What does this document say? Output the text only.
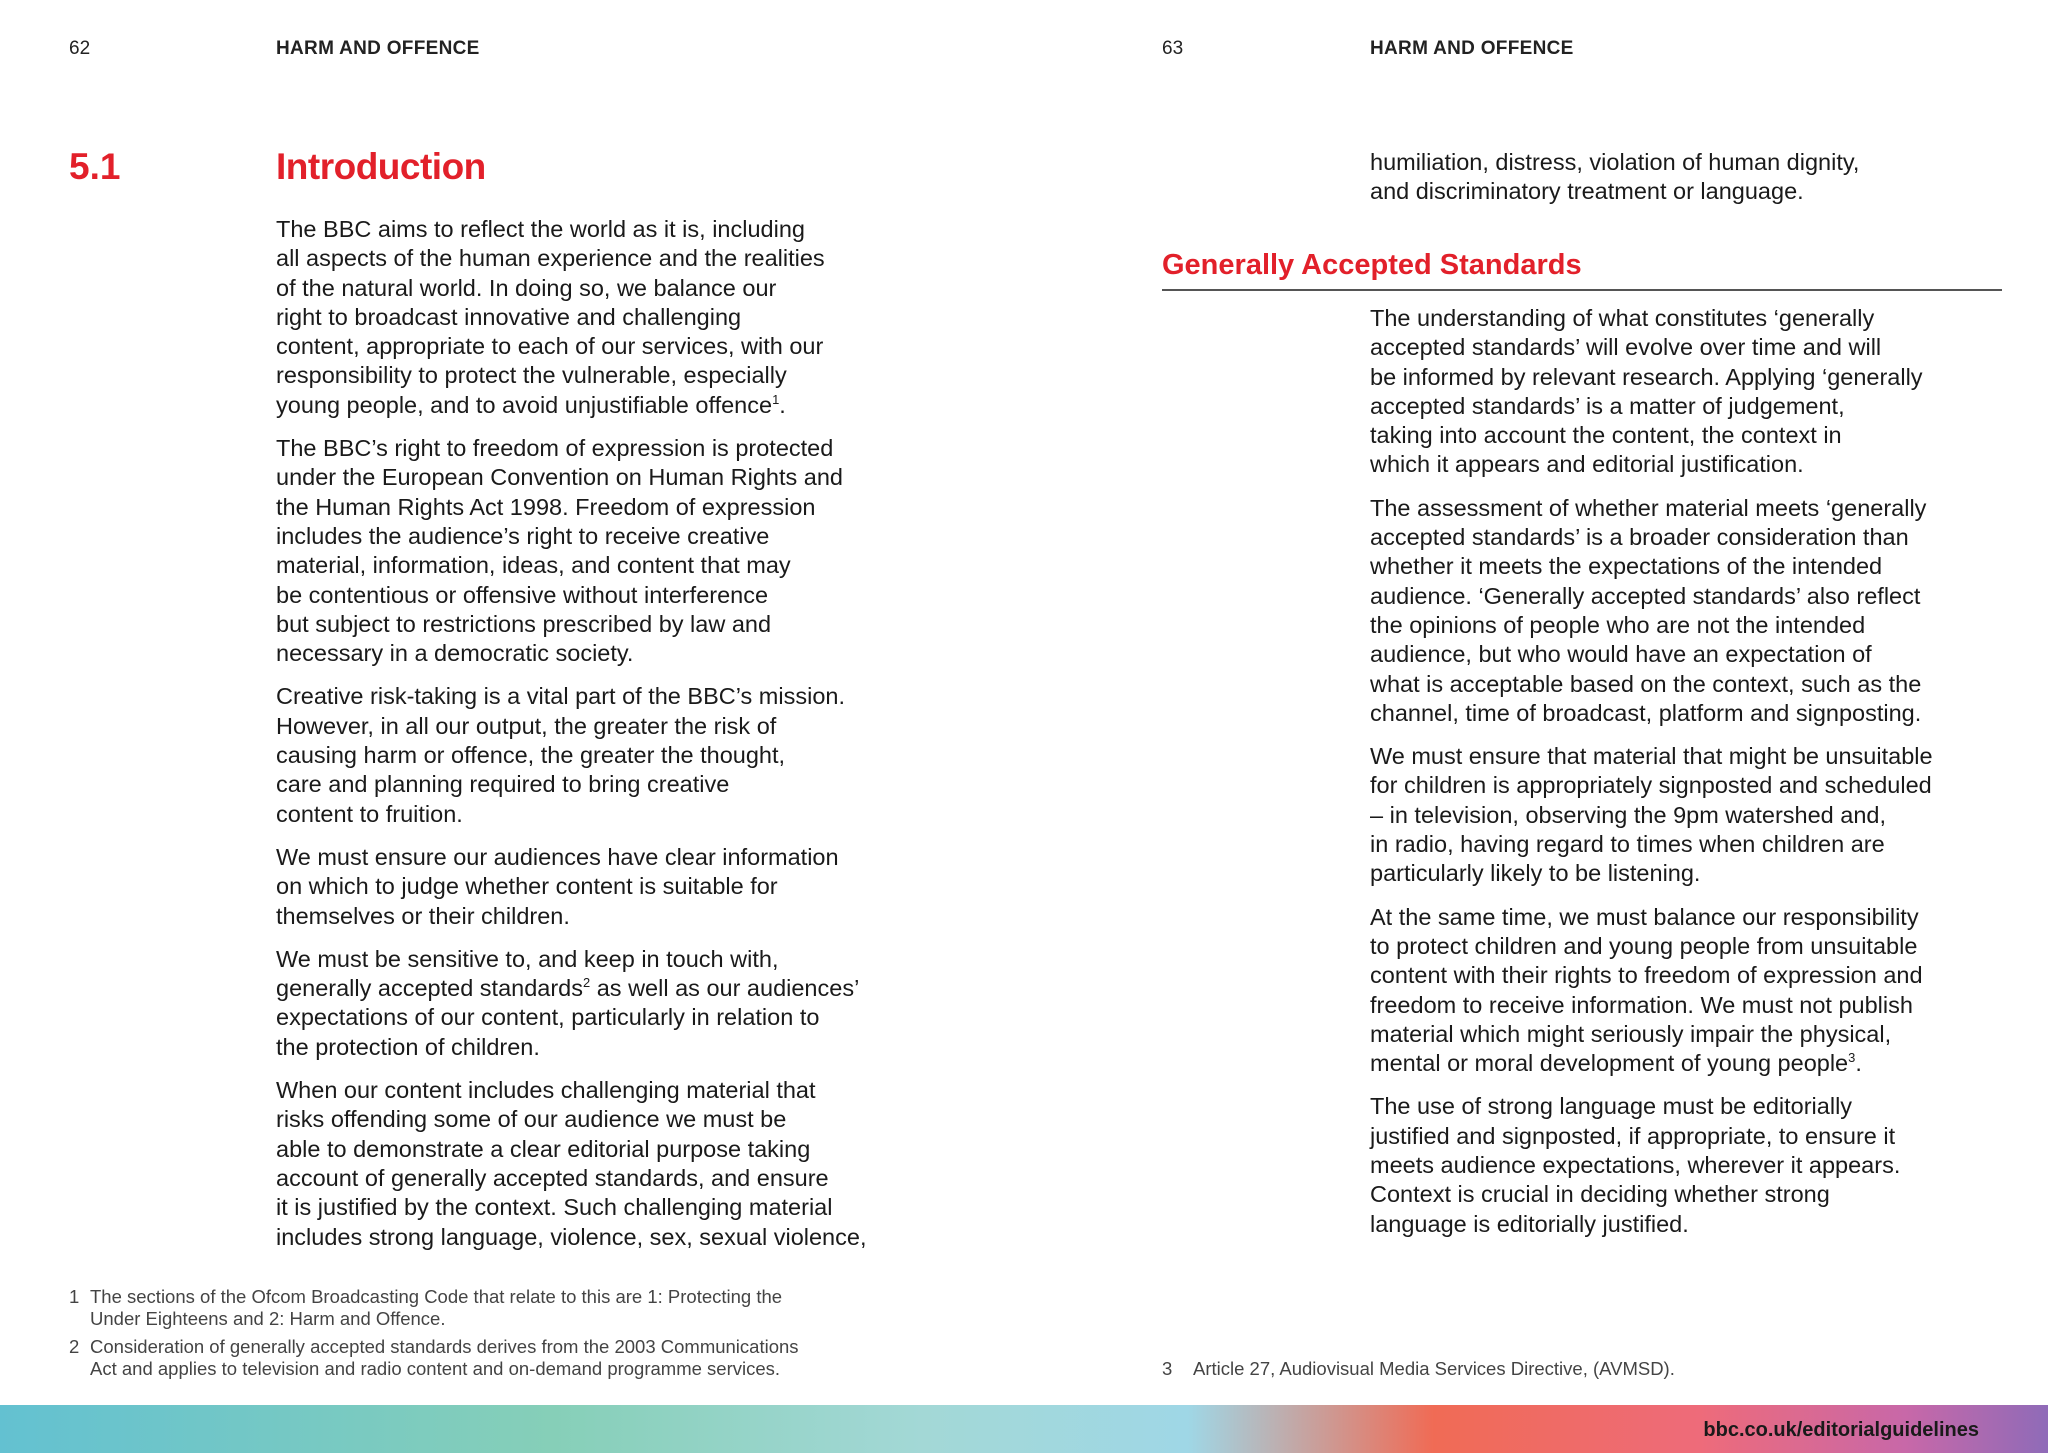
62	HARM AND OFFENCE
5.1	Introduction

The BBC aims to reflect the world as it is, including
all aspects of the human experience and the realities
of the natural world. In doing so, we balance our
right to broadcast innovative and challenging
content, appropriate to each of our services, with our
responsibility to protect the vulnerable, especially
young people, and to avoid unjustifiable offence$^1$.

The BBC’s right to freedom of expression is protected
under the European Convention on Human Rights and
the Human Rights Act 1998. Freedom of expression
includes the audience’s right to receive creative
material, information, ideas, and content that may
be contentious or offensive without interference
but subject to restrictions prescribed by law and
necessary in a democratic society.

Creative risk-taking is a vital part of the BBC’s mission.
However, in all our output, the greater the risk of
causing harm or offence, the greater the thought,
care and planning required to bring creative
content to fruition.

We must ensure our audiences have clear information
on which to judge whether content is suitable for
themselves or their children.

We must be sensitive to, and keep in touch with,
generally accepted standards$^2$ as well as our audiences’
expectations of our content, particularly in relation to
the protection of children.

When our content includes challenging material that
risks offending some of our audience we must be
able to demonstrate a clear editorial purpose taking
account of generally accepted standards, and ensure
it is justified by the context. Such challenging material
includes strong language, violence, sex, sexual violence,

1 The sections of the Ofcom Broadcasting Code that relate to this are 1: Protecting the
Under Eighteens and 2: Harm and Offence.
2 Consideration of generally accepted standards derives from the 2003 Communications
Act and applies to television and radio content and on-demand programme services.
63	HARM AND OFFENCE

humiliation, distress, violation of human dignity,
and discriminatory treatment or language.

Generally Accepted Standards

The understanding of what constitutes ‘generally
accepted standards’ will evolve over time and will
be informed by relevant research. Applying ‘generally
accepted standards’ is a matter of judgement,
taking into account the content, the context in
which it appears and editorial justification.

The assessment of whether material meets ‘generally
accepted standards’ is a broader consideration than
whether it meets the expectations of the intended
audience. ‘Generally accepted standards’ also reflect
the opinions of people who are not the intended
audience, but who would have an expectation of
what is acceptable based on the context, such as the
channel, time of broadcast, platform and signposting.

We must ensure that material that might be unsuitable
for children is appropriately signposted and scheduled
– in television, observing the 9pm watershed and,
in radio, having regard to times when children are
particularly likely to be listening.

At the same time, we must balance our responsibility
to protect children and young people from unsuitable
content with their rights to freedom of expression and
freedom to receive information. We must not publish
material which might seriously impair the physical,
mental or moral development of young people$^3$.

The use of strong language must be editorially
justified and signposted, if appropriate, to ensure it
meets audience expectations, wherever it appears.
Context is crucial in deciding whether strong
language is editorially justified.

3 Article 27, Audiovisual Media Services Directive, (AVMSD).
bbc.co.uk/editorialguidelines
